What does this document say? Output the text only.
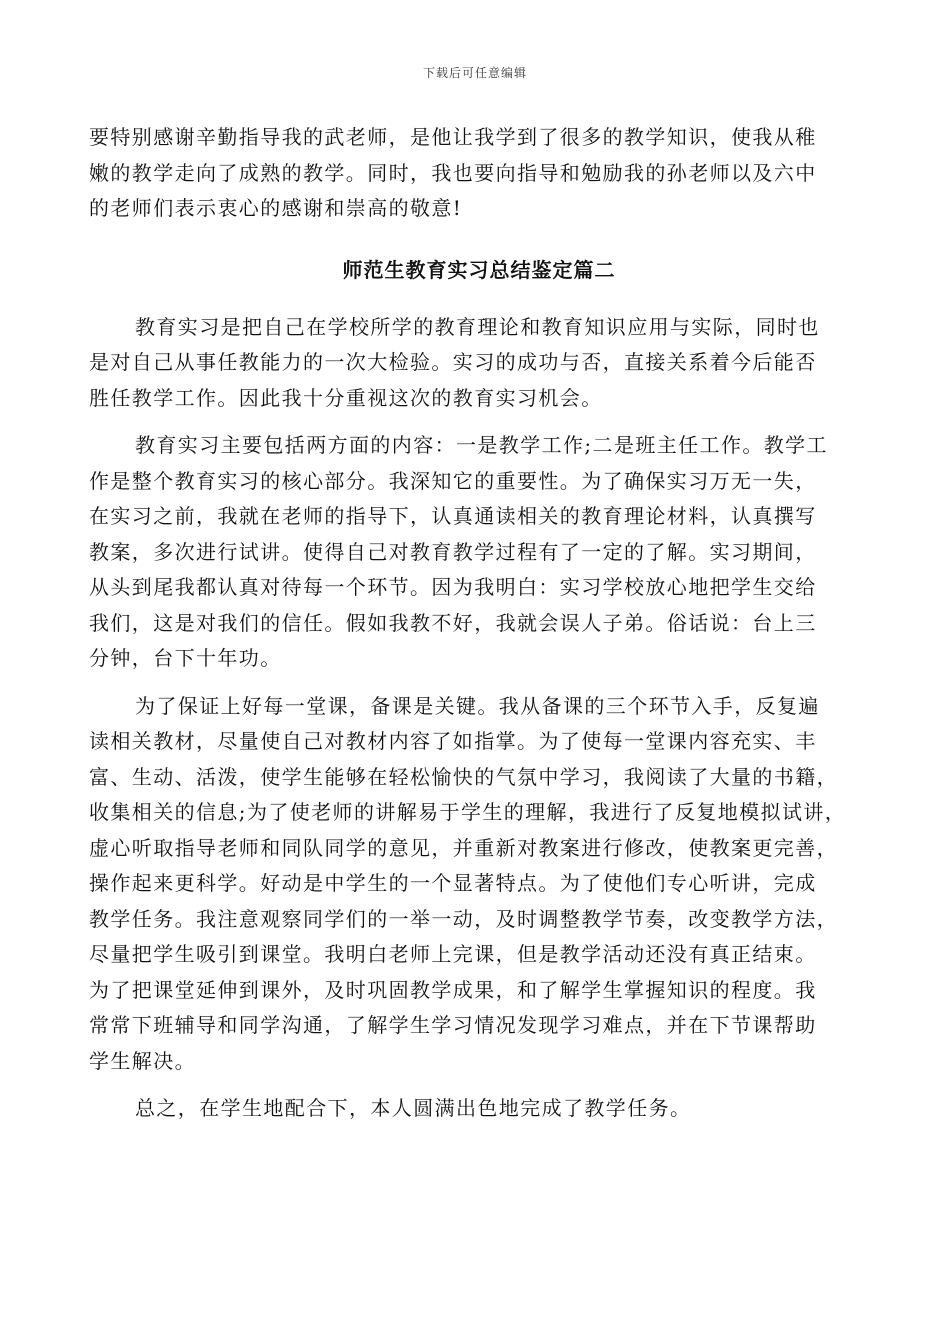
下载后可任意编辑
要特别感谢辛勤指导我的武老师，是他让我学到了很多的教学知识，使我从稚
嫩的教学走向了成熟的教学。同时，我也要向指导和勉励我的孙老师以及六中
的老师们表示衷心的感谢和崇高的敬意!
师范生教育实习总结鉴定篇二
教育实习是把自己在学校所学的教育理论和教育知识应用与实际，同时也
是对自己从事任教能力的一次大检验。实习的成功与否，直接关系着今后能否
胜任教学工作。因此我十分重视这次的教育实习机会。
教育实习主要包括两方面的内容：一是教学工作;二是班主任工作。教学工
作是整个教育实习的核心部分。我深知它的重要性。为了确保实习万无一失，
在实习之前，我就在老师的指导下，认真通读相关的教育理论材料，认真撰写
教案，多次进行试讲。使得自己对教育教学过程有了一定的了解。实习期间，
从头到尾我都认真对待每一个环节。因为我明白：实习学校放心地把学生交给
我们，这是对我们的信任。假如我教不好，我就会误人子弟。俗话说：台上三
分钟，台下十年功。
为了保证上好每一堂课，备课是关键。我从备课的三个环节入手，反复遍
读相关教材，尽量使自己对教材内容了如指掌。为了使每一堂课内容充实、丰
富、生动、活泼，使学生能够在轻松愉快的气氛中学习，我阅读了大量的书籍，
收集相关的信息;为了使老师的讲解易于学生的理解，我进行了反复地模拟试讲，
虚心听取指导老师和同队同学的意见，并重新对教案进行修改，使教案更完善，
操作起来更科学。好动是中学生的一个显著特点。为了使他们专心听讲，完成
教学任务。我注意观察同学们的一举一动，及时调整教学节奏，改变教学方法，
尽量把学生吸引到课堂。我明白老师上完课，但是教学活动还没有真正结束。
为了把课堂延伸到课外，及时巩固教学成果，和了解学生掌握知识的程度。我
常常下班辅导和同学沟通，了解学生学习情况发现学习难点，并在下节课帮助
学生解决。
总之，在学生地配合下，本人圆满出色地完成了教学任务。
